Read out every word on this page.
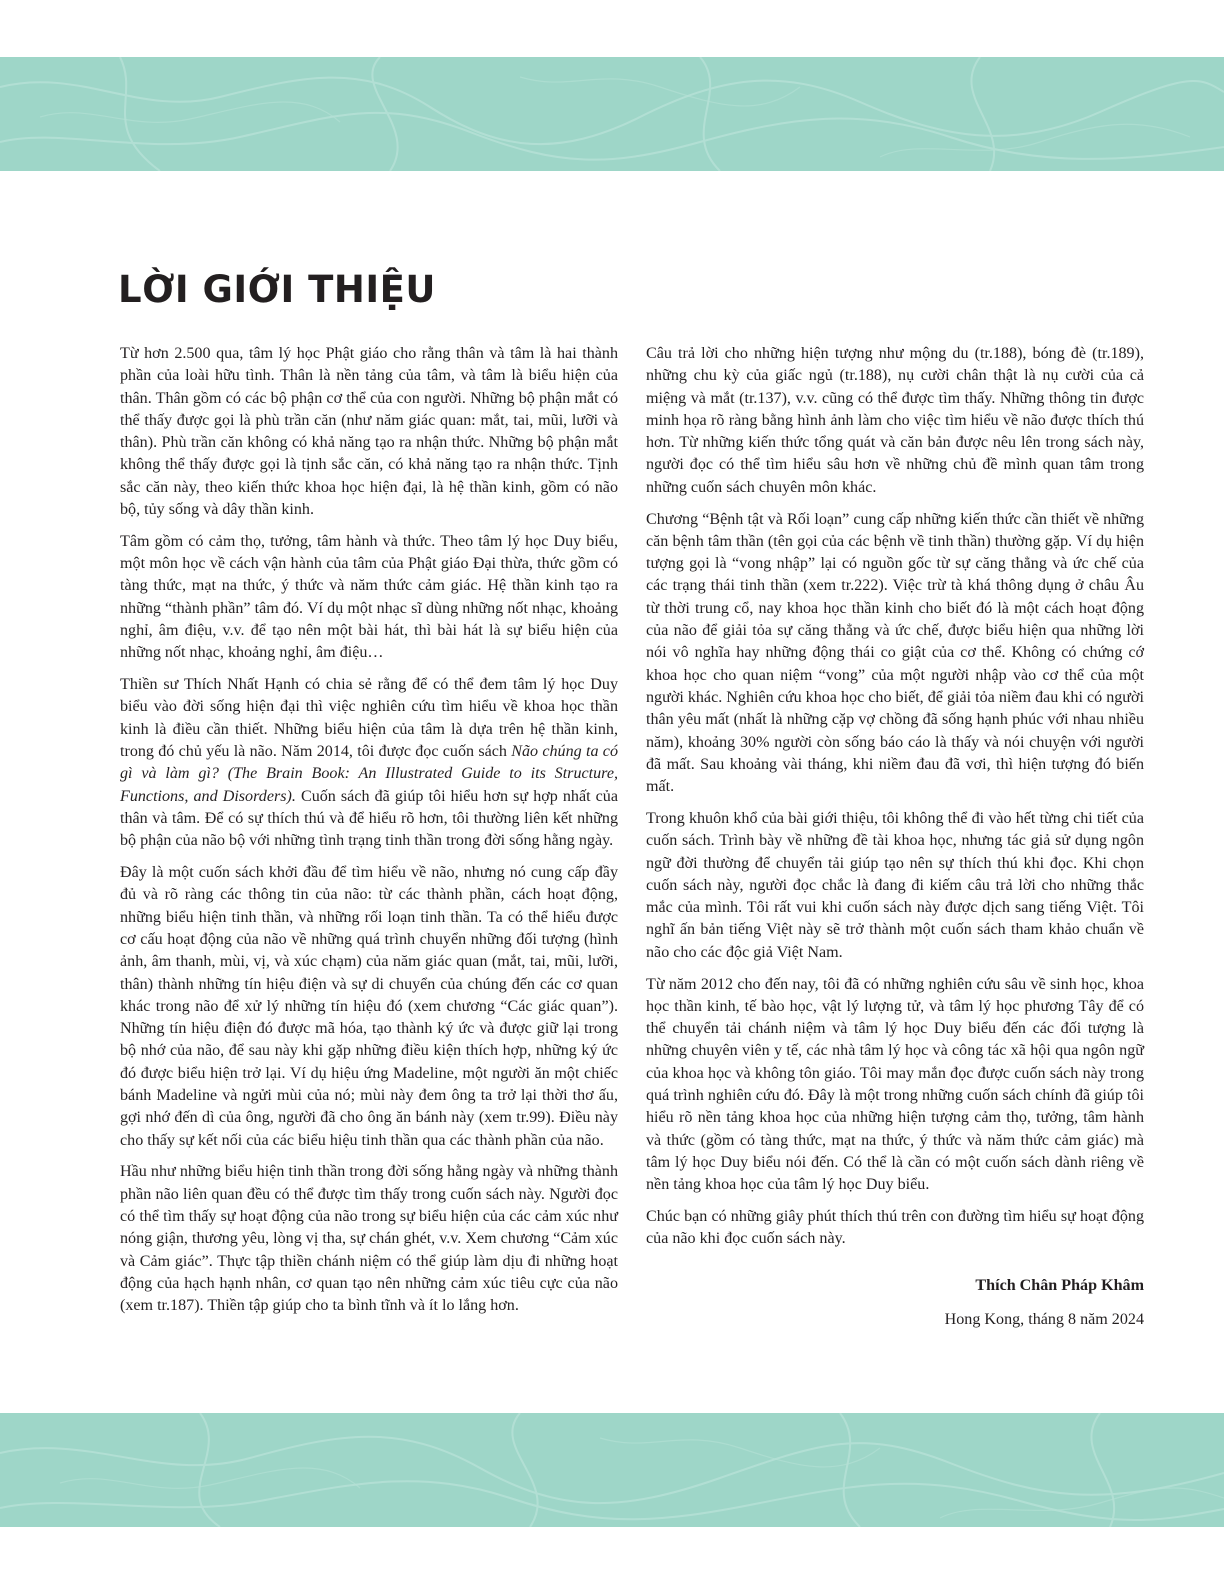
LỜI GIỚI THIỆU

Từ hơn 2.500 qua, tâm lý học Phật giáo cho rằng thân và tâm là hai thành phần của loài hữu tình. Thân là nền tảng của tâm, và tâm là biểu hiện của thân. Thân gồm có các bộ phận cơ thể của con người. Những bộ phận mắt có thể thấy được gọi là phù trần căn (như năm giác quan: mắt, tai, mũi, lưỡi và thân). Phù trần căn không có khả năng tạo ra nhận thức. Những bộ phận mắt không thể thấy được gọi là tịnh sắc căn, có khả năng tạo ra nhận thức. Tịnh sắc căn này, theo kiến thức khoa học hiện đại, là hệ thần kinh, gồm có não bộ, tủy sống và dây thần kinh.

Tâm gồm có cảm thọ, tưởng, tâm hành và thức. Theo tâm lý học Duy biểu, một môn học về cách vận hành của tâm của Phật giáo Đại thừa, thức gồm có tàng thức, mạt na thức, ý thức và năm thức cảm giác. Hệ thần kinh tạo ra những “thành phần” tâm đó. Ví dụ một nhạc sĩ dùng những nốt nhạc, khoảng nghỉ, âm điệu, v.v. để tạo nên một bài hát, thì bài hát là sự biểu hiện của những nốt nhạc, khoảng nghỉ, âm điệu…

Thiền sư Thích Nhất Hạnh có chia sẻ rằng để có thể đem tâm lý học Duy biểu vào đời sống hiện đại thì việc nghiên cứu tìm hiểu về khoa học thần kinh là điều cần thiết. Những biểu hiện của tâm là dựa trên hệ thần kinh, trong đó chủ yếu là não. Năm 2014, tôi được đọc cuốn sách Não chúng ta có gì và làm gì? (The Brain Book: An Illustrated Guide to its Structure, Functions, and Disorders). Cuốn sách đã giúp tôi hiểu hơn sự hợp nhất của thân và tâm. Để có sự thích thú và để hiểu rõ hơn, tôi thường liên kết những bộ phận của não bộ với những tình trạng tinh thần trong đời sống hằng ngày.

Đây là một cuốn sách khởi đầu để tìm hiểu về não, nhưng nó cung cấp đầy đủ và rõ ràng các thông tin của não: từ các thành phần, cách hoạt động, những biểu hiện tinh thần, và những rối loạn tinh thần. Ta có thể hiểu được cơ cấu hoạt động của não về những quá trình chuyển những đối tượng (hình ảnh, âm thanh, mùi, vị, và xúc chạm) của năm giác quan (mắt, tai, mũi, lưỡi, thân) thành những tín hiệu điện và sự di chuyển của chúng đến các cơ quan khác trong não để xử lý những tín hiệu đó (xem chương “Các giác quan”). Những tín hiệu điện đó được mã hóa, tạo thành ký ức và được giữ lại trong bộ nhớ của não, để sau này khi gặp những điều kiện thích hợp, những ký ức đó được biểu hiện trở lại. Ví dụ hiệu ứng Madeline, một người ăn một chiếc bánh Madeline và ngửi mùi của nó; mùi này đem ông ta trở lại thời thơ ấu, gợi nhớ đến dì của ông, người đã cho ông ăn bánh này (xem tr.99). Điều này cho thấy sự kết nối của các biểu hiệu tinh thần qua các thành phần của não.

Hầu như những biểu hiện tinh thần trong đời sống hằng ngày và những thành phần não liên quan đều có thể được tìm thấy trong cuốn sách này. Người đọc có thể tìm thấy sự hoạt động của não trong sự biểu hiện của các cảm xúc như nóng giận, thương yêu, lòng vị tha, sự chán ghét, v.v. Xem chương “Cảm xúc và Cảm giác”. Thực tập thiền chánh niệm có thể giúp làm dịu đi những hoạt động của hạch hạnh nhân, cơ quan tạo nên những cảm xúc tiêu cực của não (xem tr.187). Thiền tập giúp cho ta bình tĩnh và ít lo lắng hơn.

Câu trả lời cho những hiện tượng như mộng du (tr.188), bóng đè (tr.189), những chu kỳ của giấc ngủ (tr.188), nụ cười chân thật là nụ cười của cả miệng và mắt (tr.137), v.v. cũng có thể được tìm thấy. Những thông tin được minh họa rõ ràng bằng hình ảnh làm cho việc tìm hiểu về não được thích thú hơn. Từ những kiến thức tổng quát và căn bản được nêu lên trong sách này, người đọc có thể tìm hiểu sâu hơn về những chủ đề mình quan tâm trong những cuốn sách chuyên môn khác.

Chương “Bệnh tật và Rối loạn” cung cấp những kiến thức cần thiết về những căn bệnh tâm thần (tên gọi của các bệnh về tinh thần) thường gặp. Ví dụ hiện tượng gọi là “vong nhập” lại có nguồn gốc từ sự căng thẳng và ức chế của các trạng thái tinh thần (xem tr.222). Việc trừ tà khá thông dụng ở châu Âu từ thời trung cổ, nay khoa học thần kinh cho biết đó là một cách hoạt động của não để giải tỏa sự căng thẳng và ức chế, được biểu hiện qua những lời nói vô nghĩa hay những động thái co giật của cơ thể. Không có chứng cớ khoa học cho quan niệm “vong” của một người nhập vào cơ thể của một người khác. Nghiên cứu khoa học cho biết, để giải tỏa niềm đau khi có người thân yêu mất (nhất là những cặp vợ chồng đã sống hạnh phúc với nhau nhiều năm), khoảng 30% người còn sống báo cáo là thấy và nói chuyện với người đã mất. Sau khoảng vài tháng, khi niềm đau đã vơi, thì hiện tượng đó biến mất.

Trong khuôn khổ của bài giới thiệu, tôi không thể đi vào hết từng chi tiết của cuốn sách. Trình bày về những đề tài khoa học, nhưng tác giả sử dụng ngôn ngữ đời thường để chuyển tải giúp tạo nên sự thích thú khi đọc. Khi chọn cuốn sách này, người đọc chắc là đang đi kiếm câu trả lời cho những thắc mắc của mình. Tôi rất vui khi cuốn sách này được dịch sang tiếng Việt. Tôi nghĩ ấn bản tiếng Việt này sẽ trở thành một cuốn sách tham khảo chuẩn về não cho các độc giả Việt Nam.

Từ năm 2012 cho đến nay, tôi đã có những nghiên cứu sâu về sinh học, khoa học thần kinh, tế bào học, vật lý lượng tử, và tâm lý học phương Tây để có thể chuyển tải chánh niệm và tâm lý học Duy biểu đến các đối tượng là những chuyên viên y tế, các nhà tâm lý học và công tác xã hội qua ngôn ngữ của khoa học và không tôn giáo. Tôi may mắn đọc được cuốn sách này trong quá trình nghiên cứu đó. Đây là một trong những cuốn sách chính đã giúp tôi hiểu rõ nền tảng khoa học của những hiện tượng cảm thọ, tưởng, tâm hành và thức (gồm có tàng thức, mạt na thức, ý thức và năm thức cảm giác) mà tâm lý học Duy biểu nói đến. Có thể là cần có một cuốn sách dành riêng về nền tảng khoa học của tâm lý học Duy biểu.

Chúc bạn có những giây phút thích thú trên con đường tìm hiểu sự hoạt động của não khi đọc cuốn sách này.

Thích Chân Pháp Khâm

Hong Kong, tháng 8 năm 2024
